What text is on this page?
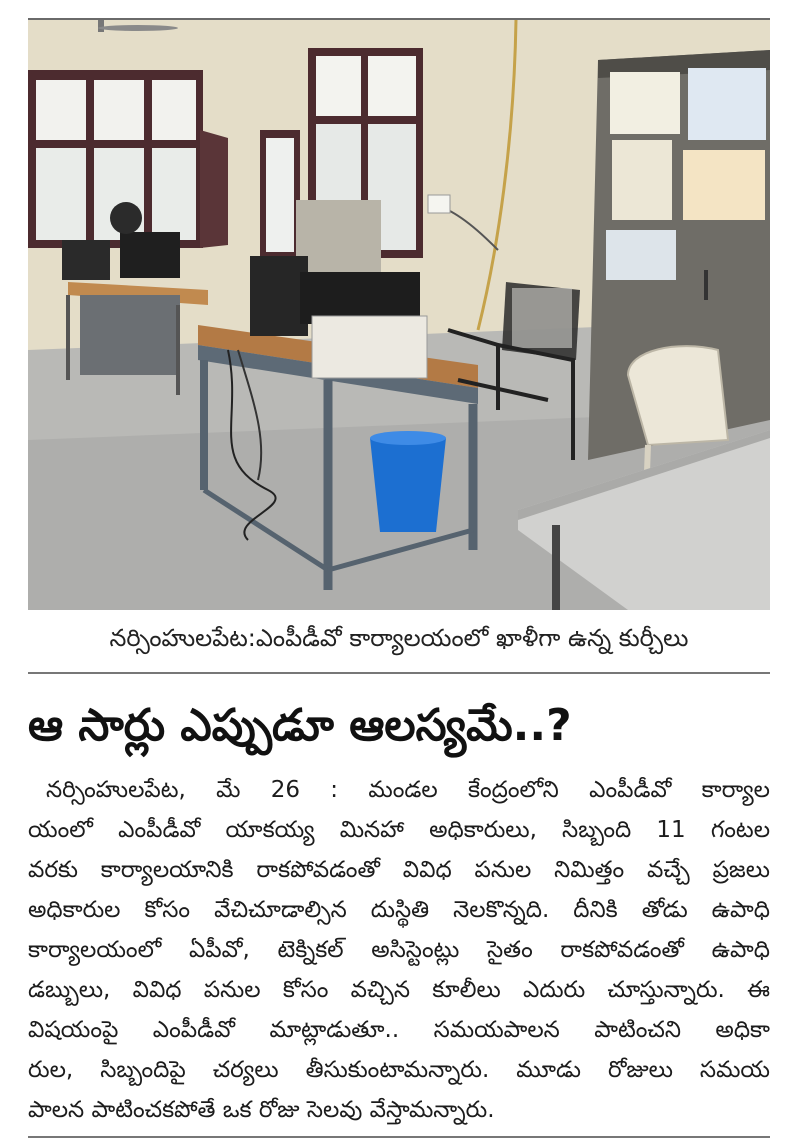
నర్సింహులపేట:ఎంపీడీవో కార్యాలయంలో ఖాళీగా ఉన్న కుర్చీలు
ఆ సార్లు ఎప్పుడూ ఆలస్యమే..?
నర్సింహులపేట, మే 26 : మండల కేంద్రంలోని ఎంపీడీవో కార్యాల
యంలో ఎంపీడీవో యాకయ్య మినహా అధికారులు, సిబ్బంది 11 గంటల
వరకు కార్యాలయానికి రాకపోవడంతో వివిధ పనుల నిమిత్తం వచ్చే ప్రజలు
అధికారుల కోసం వేచిచూడాల్సిన దుస్థితి నెలకొన్నది. దీనికి తోడు ఉపాధి
కార్యాలయంలో ఏపీవో, టెక్నికల్ అసిస్టెంట్లు సైతం రాకపోవడంతో ఉపాధి
డబ్బులు, వివిధ పనుల కోసం వచ్చిన కూలీలు ఎదురు చూస్తున్నారు. ఈ
విషయంపై ఎంపీడీవో మాట్లాడుతూ.. సమయపాలన పాటించని అధికా
రుల, సిబ్బందిపై చర్యలు తీసుకుంటామన్నారు. మూడు రోజులు సమయ
పాలన పాటించకపోతే ఒక రోజు సెలవు వేస్తామన్నారు.
